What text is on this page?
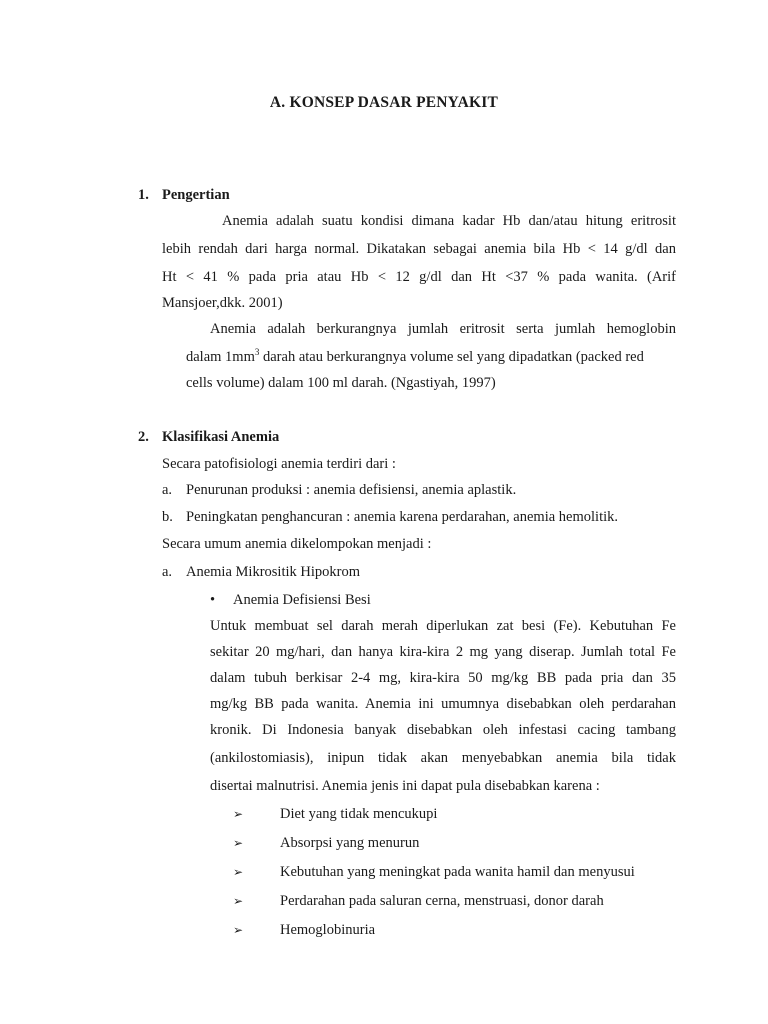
A. KONSEP DASAR PENYAKIT
1. Pengertian
Anemia adalah suatu kondisi dimana kadar Hb dan/atau hitung eritrosit
lebih rendah dari harga normal. Dikatakan sebagai anemia bila Hb < 14 g/dl dan
Ht < 41 % pada pria atau Hb < 12 g/dl dan Ht <37 % pada wanita. (Arif
Mansjoer,dkk. 2001)
Anemia adalah berkurangnya jumlah eritrosit serta jumlah hemoglobin
dalam $1mm^3$ darah atau berkurangnya volume sel yang dipadatkan (packed red
cells volume) dalam 100 ml darah. (Ngastiyah, 1997)
2. Klasifikasi Anemia
Secara patofisiologi anemia terdiri dari :
a. Penurunan produksi : anemia defisiensi, anemia aplastik.
b. Peningkatan penghancuran : anemia karena perdarahan, anemia hemolitik.
Secara umum anemia dikelompokan menjadi :
a. Anemia Mikrositik Hipokrom
• Anemia Defisiensi Besi
Untuk membuat sel darah merah diperlukan zat besi (Fe). Kebutuhan Fe
sekitar 20 mg/hari, dan hanya kira-kira 2 mg yang diserap. Jumlah total Fe
dalam tubuh berkisar 2-4 mg, kira-kira 50 mg/kg BB pada pria dan 35
mg/kg BB pada wanita. Anemia ini umumnya disebabkan oleh perdarahan
kronik. Di Indonesia banyak disebabkan oleh infestasi cacing tambang
(ankilostomiasis), inipun tidak akan menyebabkan anemia bila tidak
disertai malnutrisi. Anemia jenis ini dapat pula disebabkan karena :
➢	Diet yang tidak mencukupi
➢	Absorpsi yang menurun
➢	Kebutuhan yang meningkat pada wanita hamil dan menyusui
➢	Perdarahan pada saluran cerna, menstruasi, donor darah
➢	Hemoglobinuria
